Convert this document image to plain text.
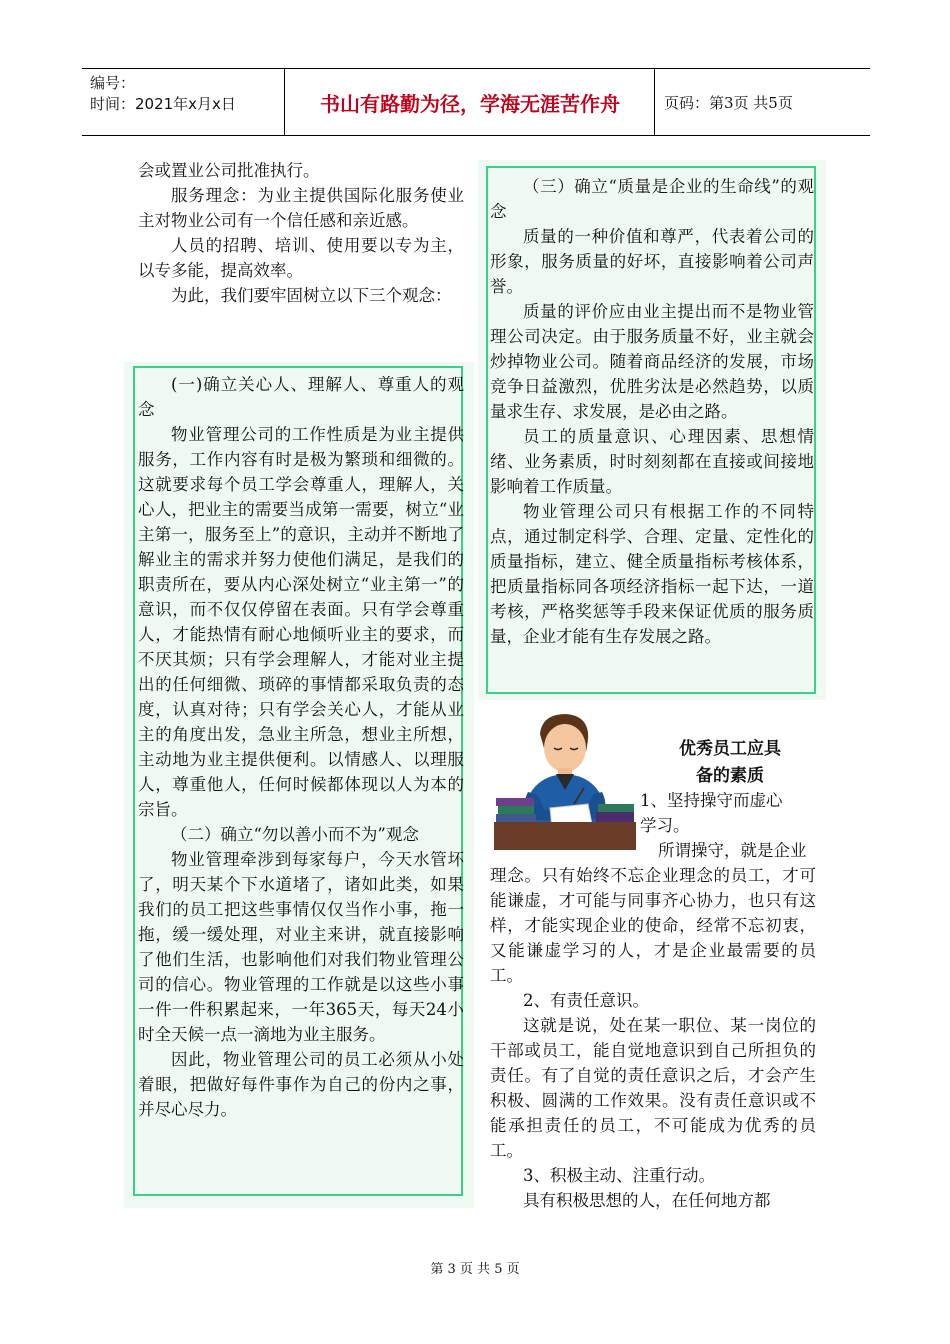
编号：
时间：2021年x月x日	书山有路勤为径，学海无涯苦作舟	页码：第3页 共5页
会或置业公司批准执行。
服务理念：为业主提供国际化服务使业主对物业公司有一个信任感和亲近感。
人员的招聘、培训、使用要以专为主，以专多能，提高效率。
为此，我们要牢固树立以下三个观念：
(一)确立关心人、理解人、尊重人的观念
物业管理公司的工作性质是为业主提供服务，工作内容有时是极为繁琐和细微的。这就要求每个员工学会尊重人，理解人，关心人，把业主的需要当成第一需要，树立“业主第一，服务至上”的意识，主动并不断地了解业主的需求并努力使他们满足，是我们的职责所在，要从内心深处树立“业主第一”的意识，而不仅仅停留在表面。只有学会尊重人，才能热情有耐心地倾听业主的要求，而不厌其烦；只有学会理解人，才能对业主提出的任何细微、琐碎的事情都采取负责的态度，认真对待；只有学会关心人，才能从业主的角度出发，急业主所急，想业主所想，主动地为业主提供便利。以情感人、以理服人，尊重他人，任何时候都体现以人为本的宗旨。
（二）确立“勿以善小而不为”观念
物业管理牵涉到每家每户，今天水管坏了，明天某个下水道堵了，诸如此类，如果我们的员工把这些事情仅仅当作小事，拖一拖，缓一缓处理，对业主来讲，就直接影响了他们生活，也影响他们对我们物业管理公司的信心。物业管理的工作就是以这些小事一件一件积累起来，一年365天，每天24小时全天候一点一滴地为业主服务。
因此，物业管理公司的员工必须从小处着眼，把做好每件事作为自己的份内之事，并尽心尽力。
（三）确立“质量是企业的生命线”的观念
质量的一种价值和尊严，代表着公司的形象，服务质量的好坏，直接影响着公司声誉。
质量的评价应由业主提出而不是物业管理公司决定。由于服务质量不好，业主就会炒掉物业公司。随着商品经济的发展，市场竞争日益激烈，优胜劣汰是必然趋势，以质量求生存、求发展，是必由之路。
员工的质量意识、心理因素、思想情绪、业务素质，时时刻刻都在直接或间接地影响着工作质量。
物业管理公司只有根据工作的不同特点，通过制定科学、合理、定量、定性化的质量指标，建立、健全质量指标考核体系，把质量指标同各项经济指标一起下达，一道考核，严格奖惩等手段来保证优质的服务质量，企业才能有生存发展之路。
优秀员工应具
备的素质
1、坚持操守而虚心
学习。
所谓操守，就是企业
理念。只有始终不忘企业理念的员工，才可能谦虚，才可能与同事齐心协力，也只有这样，才能实现企业的使命，经常不忘初衷，又能谦虚学习的人，才是企业最需要的员工。
2、有责任意识。
这就是说，处在某一职位、某一岗位的干部或员工，能自觉地意识到自己所担负的责任。有了自觉的责任意识之后，才会产生积极、圆满的工作效果。没有责任意识或不能承担责任的员工，不可能成为优秀的员工。
3、积极主动、注重行动。
具有积极思想的人，在任何地方都
第 3 页 共 5 页
